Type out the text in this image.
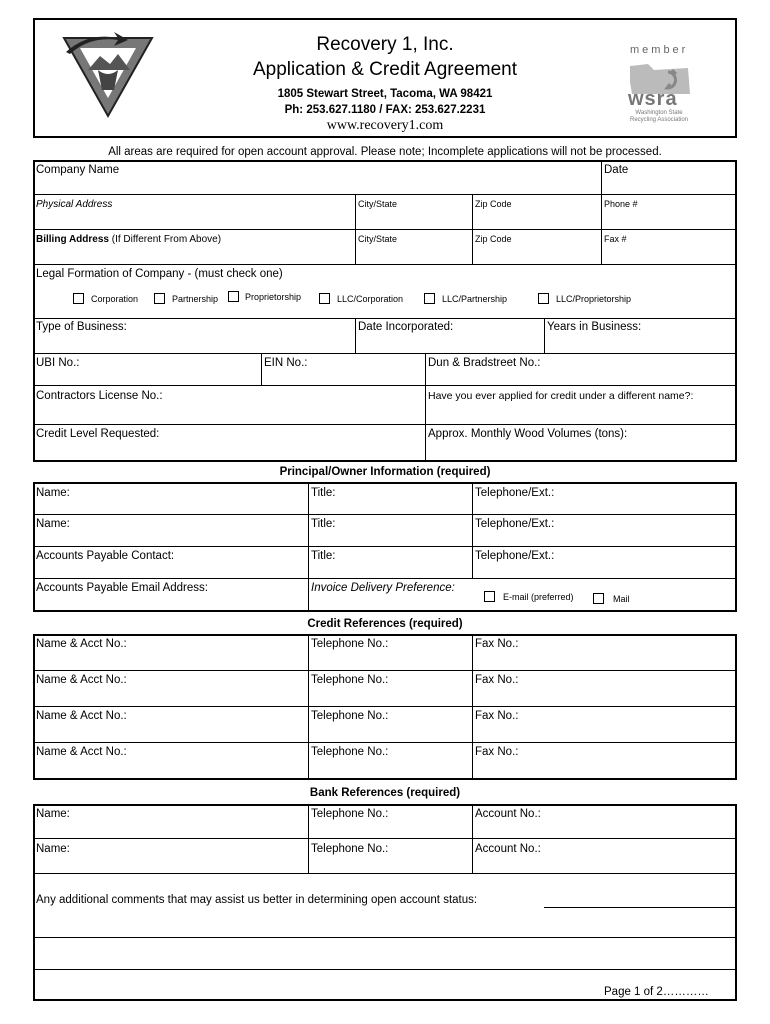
Recovery 1, Inc.
Application & Credit Agreement
1805 Stewart Street, Tacoma, WA 98421
Ph: 253.627.1180 / FAX: 253.627.2231
www.recovery1.com
member
wsra
Washington State Recycling Association
All areas are required for open account approval. Please note; Incomplete applications will not be processed.
Company Name	Date
Physical Address	City/State	Zip Code	Phone #
Billing Address (If Different From Above)	City/State	Zip Code	Fax #
Legal Formation of Company - (must check one)
Corporation	Partnership	Proprietorship	LLC/Corporation	LLC/Partnership	LLC/Proprietorship
Type of Business:	Date Incorporated:	Years in Business:
UBI No.:	EIN No.:	Dun & Bradstreet No.:
Contractors License No.:	Have you ever applied for credit under a different name?:
Credit Level Requested:	Approx. Monthly Wood Volumes (tons):
Principal/Owner Information (required)
Name:	Title:	Telephone/Ext.:
Name:	Title:	Telephone/Ext.:
Accounts Payable Contact:	Title:	Telephone/Ext.:
Accounts Payable Email Address:	Invoice Delivery Preference:
E-mail (preferred)	Mail
Credit References (required)
Name & Acct No.:	Telephone No.:	Fax No.:
Name & Acct No.:	Telephone No.:	Fax No.:
Name & Acct No.:	Telephone No.:	Fax No.:
Name & Acct No.:	Telephone No.:	Fax No.:
Bank References (required)
Name:	Telephone No.:	Account No.:
Name:	Telephone No.:	Account No.:
Any additional comments that may assist us better in determining open account status:
Page 1 of 2…………
